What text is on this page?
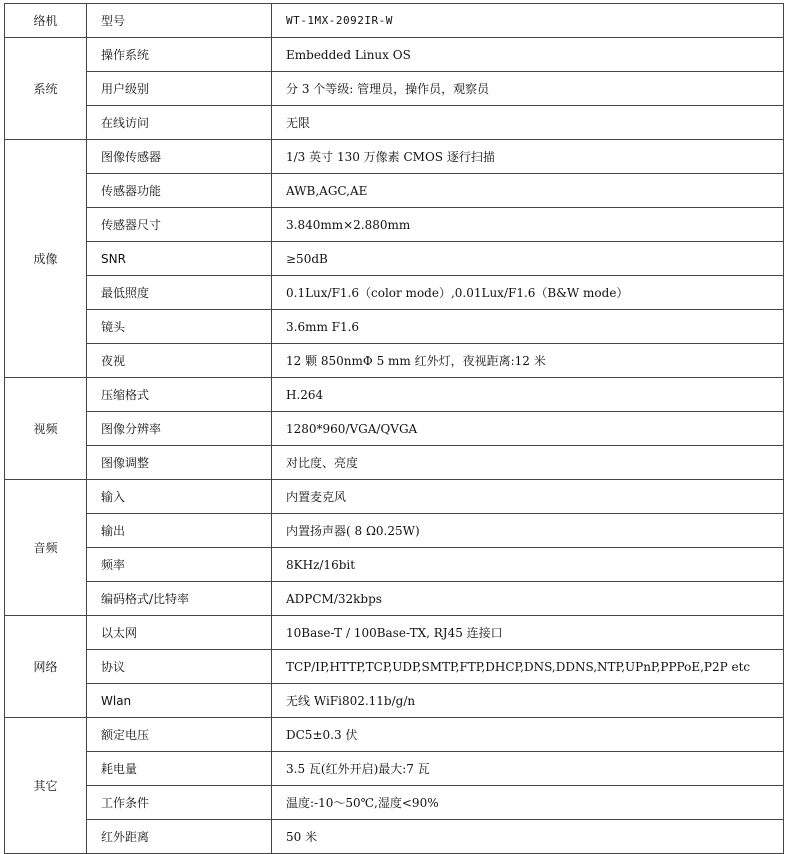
络机	型号	WT-1MX-2092IR-W
系统	操作系统	Embedded Linux OS
	用户级别	分 3 个等级: 管理员，操作员，观察员
	在线访问	无限
成像	图像传感器	1/3 英寸 130 万像素 CMOS 逐行扫描
	传感器功能	AWB,AGC,AE
	传感器尺寸	3.840mm×2.880mm
	SNR	≥50dB
	最低照度	0.1Lux/F1.6（color mode）,0.01Lux/F1.6（B&W mode）
	镜头	3.6mm F1.6
	夜视	12 颗 850nmΦ 5 mm 红外灯，夜视距离:12 米
视频	压缩格式	H.264
	图像分辨率	1280*960/VGA/QVGA
	图像调整	对比度、亮度
音频	输入	内置麦克风
	输出	内置扬声器( 8 Ω0.25W)
	频率	8KHz/16bit
	编码格式/比特率	ADPCM/32kbps
网络	以太网	10Base-T / 100Base-TX, RJ45 连接口
	协议	TCP/IP,HTTP,TCP,UDP,SMTP,FTP,DHCP,DNS,DDNS,NTP,UPnP,PPPoE,P2P etc
	Wlan	无线 WiFi802.11b/g/n
其它	额定电压	DC5±0.3 伏
	耗电量	3.5 瓦(红外开启)最大:7 瓦
	工作条件	温度:-10～50℃,湿度<90%
	红外距离	50 米
